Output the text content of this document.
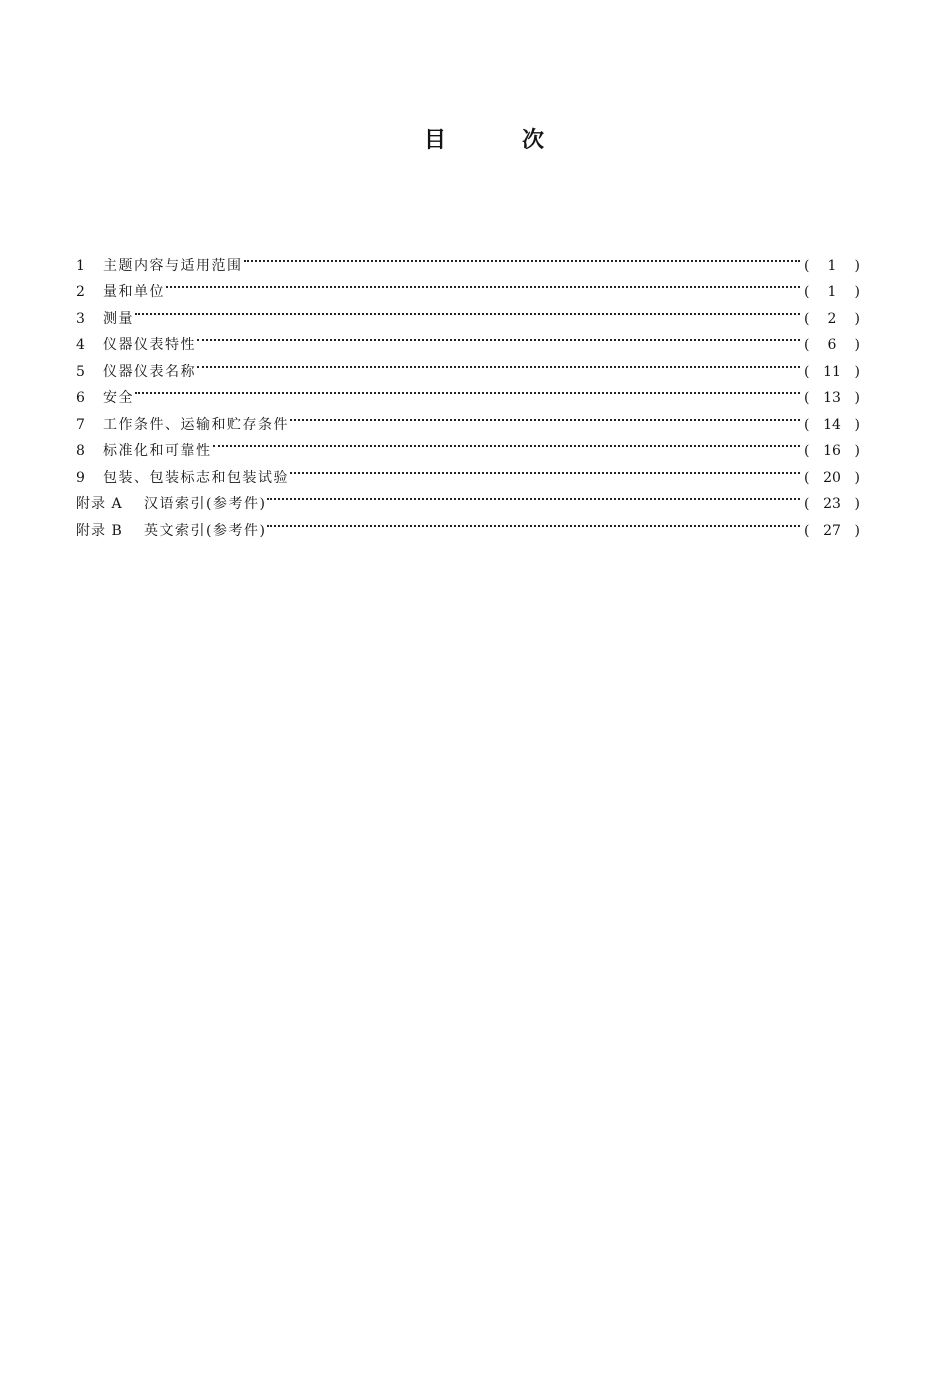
目	次
1	主题内容与适用范围	(	1	)
2	量和单位	(	1	)
3	测量	(	2	)
4	仪器仪表特性	(	6	)
5	仪器仪表名称	( 11 )
6	安全	( 13 )
7	工作条件、运输和贮存条件	( 14 )
8	标准化和可靠性	( 16 )
9	包装、包装标志和包装试验	( 20 )
附录 A	汉语索引(参考件)	( 23 )
附录 B	英文索引(参考件)	( 27 )
